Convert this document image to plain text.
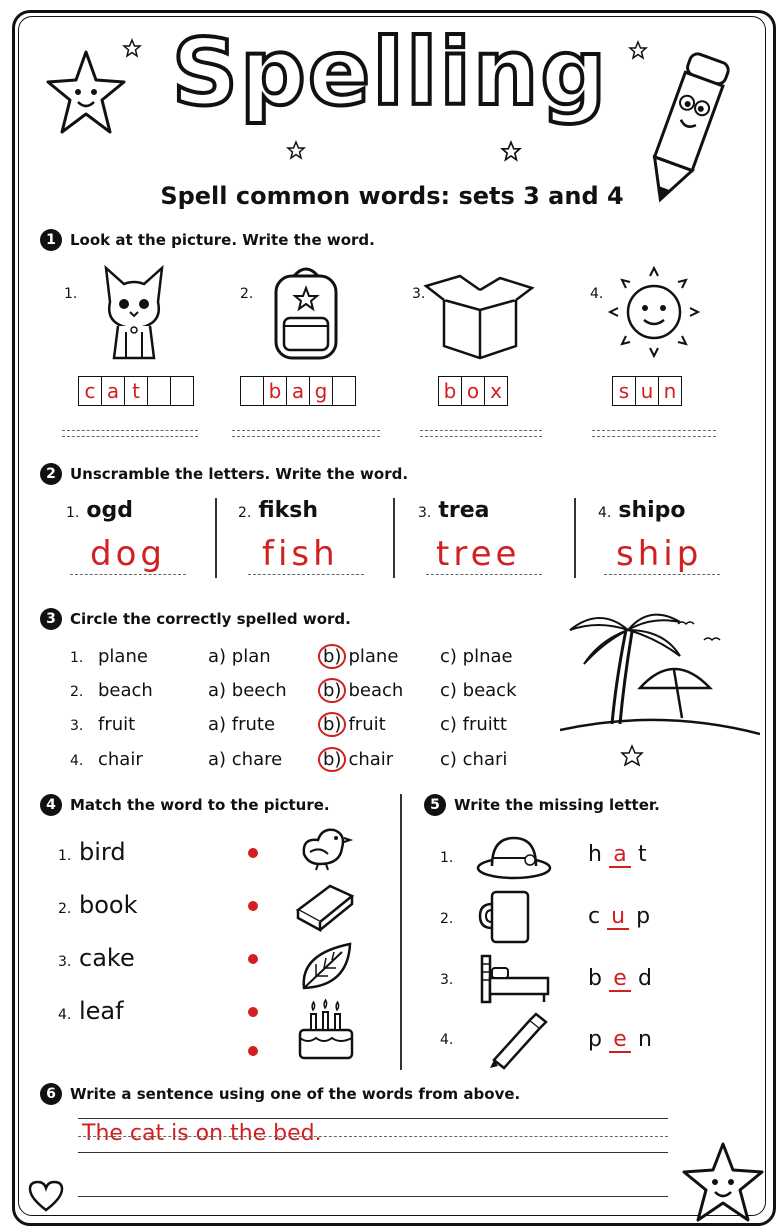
Spelling
Spell common words: sets 3 and 4
1 Look at the picture. Write the word.
1.
c a t
2.
b a g
3.
b o x
4.
s u n
2 Unscramble the letters. Write the word.
1. ogd
dog
2. fiksh
fish
3. trea
tree
4. shipo
ship
3 Circle the correctly spelled word.
1. plane	a) plan	b) plane	c) plnae
2. beach	a) beech	b) beach	c) beack
3. fruit	a) frute	b) fruit	c) fruitt
4. chair	a) chare	b) chair	c) chari
4 Match the word to the picture.
1. bird
2. book
3. cake
4. leaf
5 Write the missing letter.
1.	h a t
2.	c u p
3.	b e d
4.	p e n
6 Write a sentence using one of the words from above.
The cat is on the bed.
